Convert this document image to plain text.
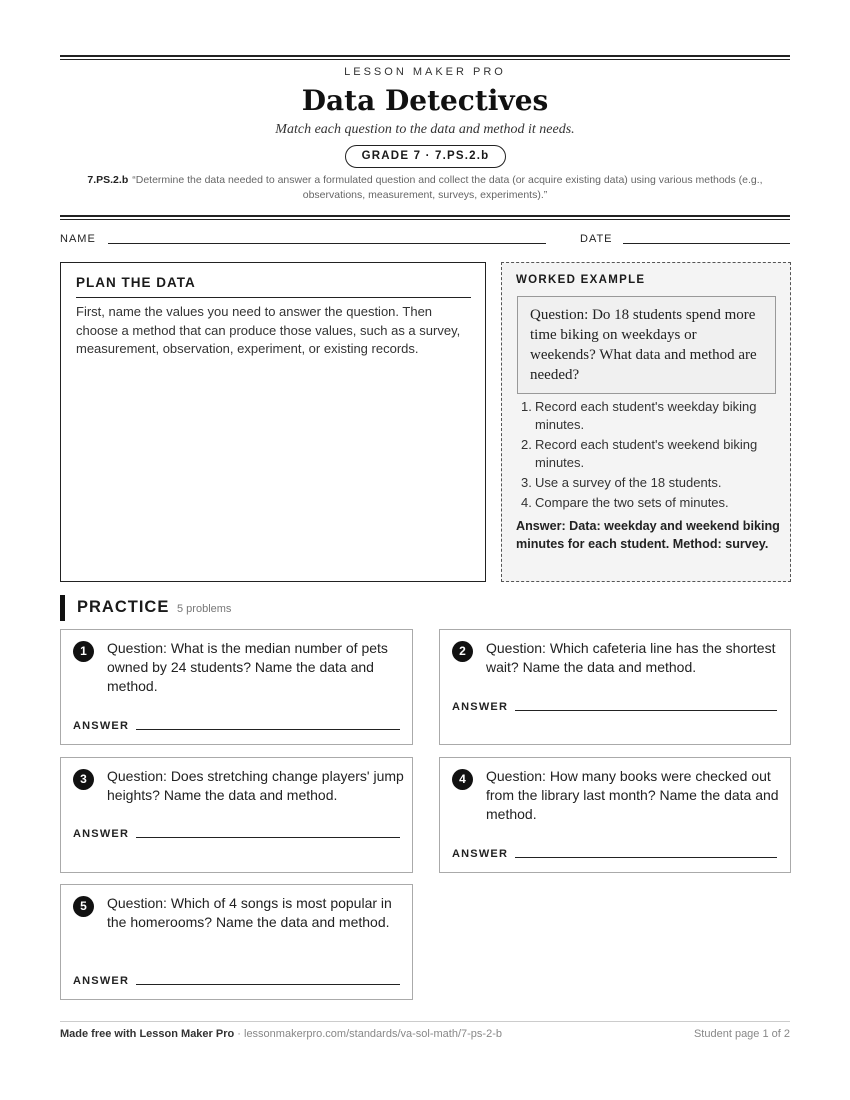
LESSON MAKER PRO
Data Detectives
Match each question to the data and method it needs.
GRADE 7 · 7.PS.2.b
7.PS.2.b “Determine the data needed to answer a formulated question and collect the data (or acquire existing data) using various methods (e.g., observations, measurement, surveys, experiments).”
NAME	DATE
PLAN THE DATA
First, name the values you need to answer the question. Then choose a method that can produce those values, such as a survey, measurement, observation, experiment, or existing records.
WORKED EXAMPLE
Question: Do 18 students spend more time biking on weekdays or weekends? What data and method are needed?
1. Record each student's weekday biking minutes.
2. Record each student's weekend biking minutes.
3. Use a survey of the 18 students.
4. Compare the two sets of minutes.
Answer: Data: weekday and weekend biking minutes for each student. Method: survey.
PRACTICE 5 problems
1	Question: What is the median number of pets owned by 24 students? Name the data and method.
ANSWER
2	Question: Which cafeteria line has the shortest wait? Name the data and method.
ANSWER
3	Question: Does stretching change players' jump heights? Name the data and method.
ANSWER
4	Question: How many books were checked out from the library last month? Name the data and method.
ANSWER
5	Question: Which of 4 songs is most popular in the homerooms? Name the data and method.
ANSWER
Made free with Lesson Maker Pro · lessonmakerpro.com/standards/va-sol-math/7-ps-2-b	Student page 1 of 2
